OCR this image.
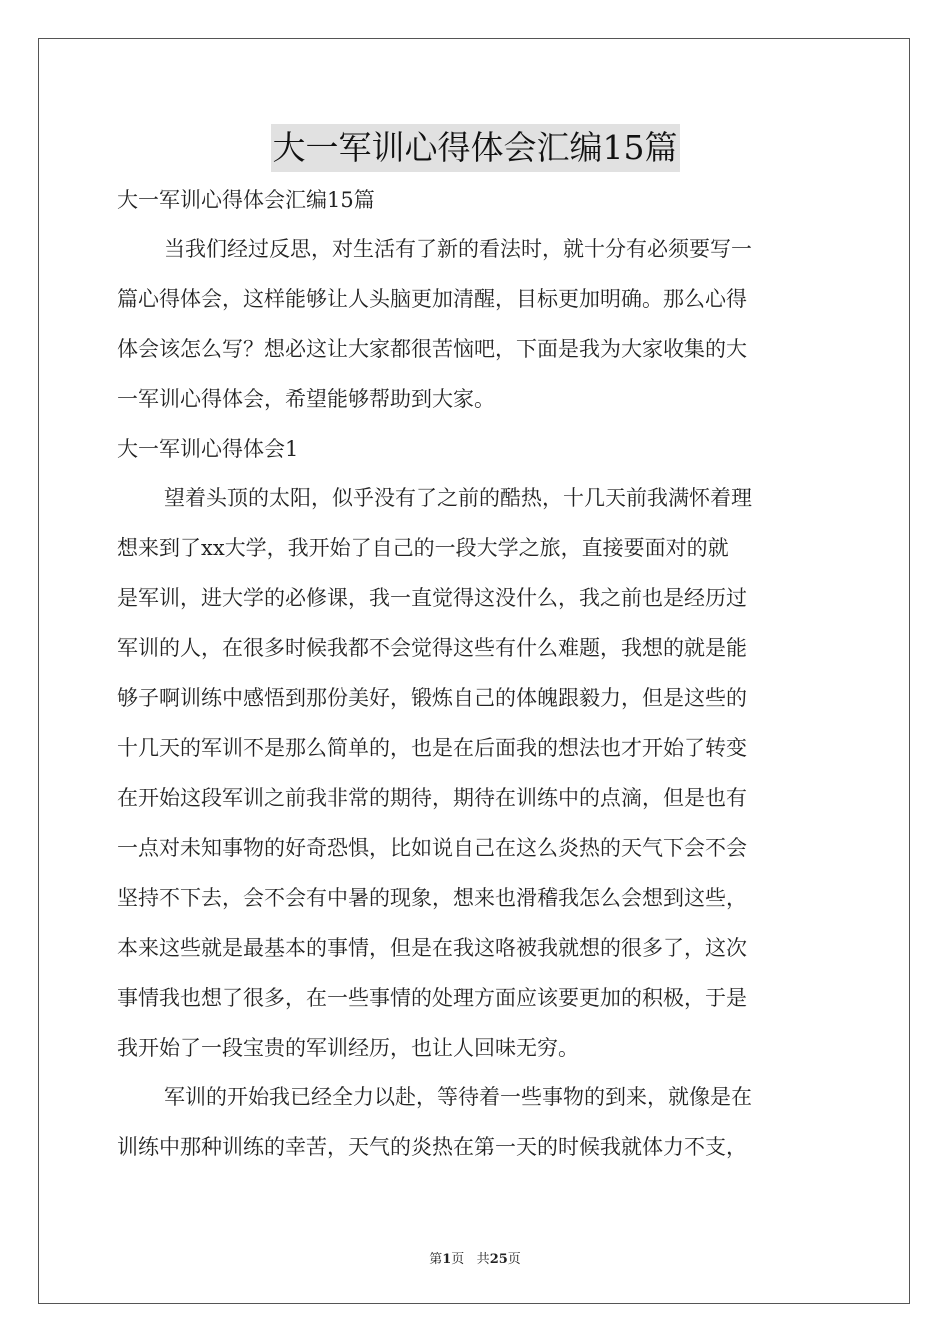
大一军训心得体会汇编15篇
大一军训心得体会汇编15篇
当我们经过反思，对生活有了新的看法时，就十分有必须要写一
篇心得体会，这样能够让人头脑更加清醒，目标更加明确。那么心得
体会该怎么写？想必这让大家都很苦恼吧，下面是我为大家收集的大
一军训心得体会，希望能够帮助到大家。
大一军训心得体会1
望着头顶的太阳，似乎没有了之前的酷热，十几天前我满怀着理
想来到了xx大学，我开始了自己的一段大学之旅，直接要面对的就
是军训，进大学的必修课，我一直觉得这没什么，我之前也是经历过
军训的人，在很多时候我都不会觉得这些有什么难题，我想的就是能
够子啊训练中感悟到那份美好，锻炼自己的体魄跟毅力，但是这些的
十几天的军训不是那么简单的，也是在后面我的想法也才开始了转变
在开始这段军训之前我非常的期待，期待在训练中的点滴，但是也有
一点对未知事物的好奇恐惧，比如说自己在这么炎热的天气下会不会
坚持不下去，会不会有中暑的现象，想来也滑稽我怎么会想到这些，
本来这些就是最基本的事情，但是在我这咯被我就想的很多了，这次
事情我也想了很多，在一些事情的处理方面应该要更加的积极，于是
我开始了一段宝贵的军训经历，也让人回味无穷。
军训的开始我已经全力以赴，等待着一些事物的到来，就像是在
训练中那种训练的幸苦，天气的炎热在第一天的时候我就体力不支，
第1页 共25页
